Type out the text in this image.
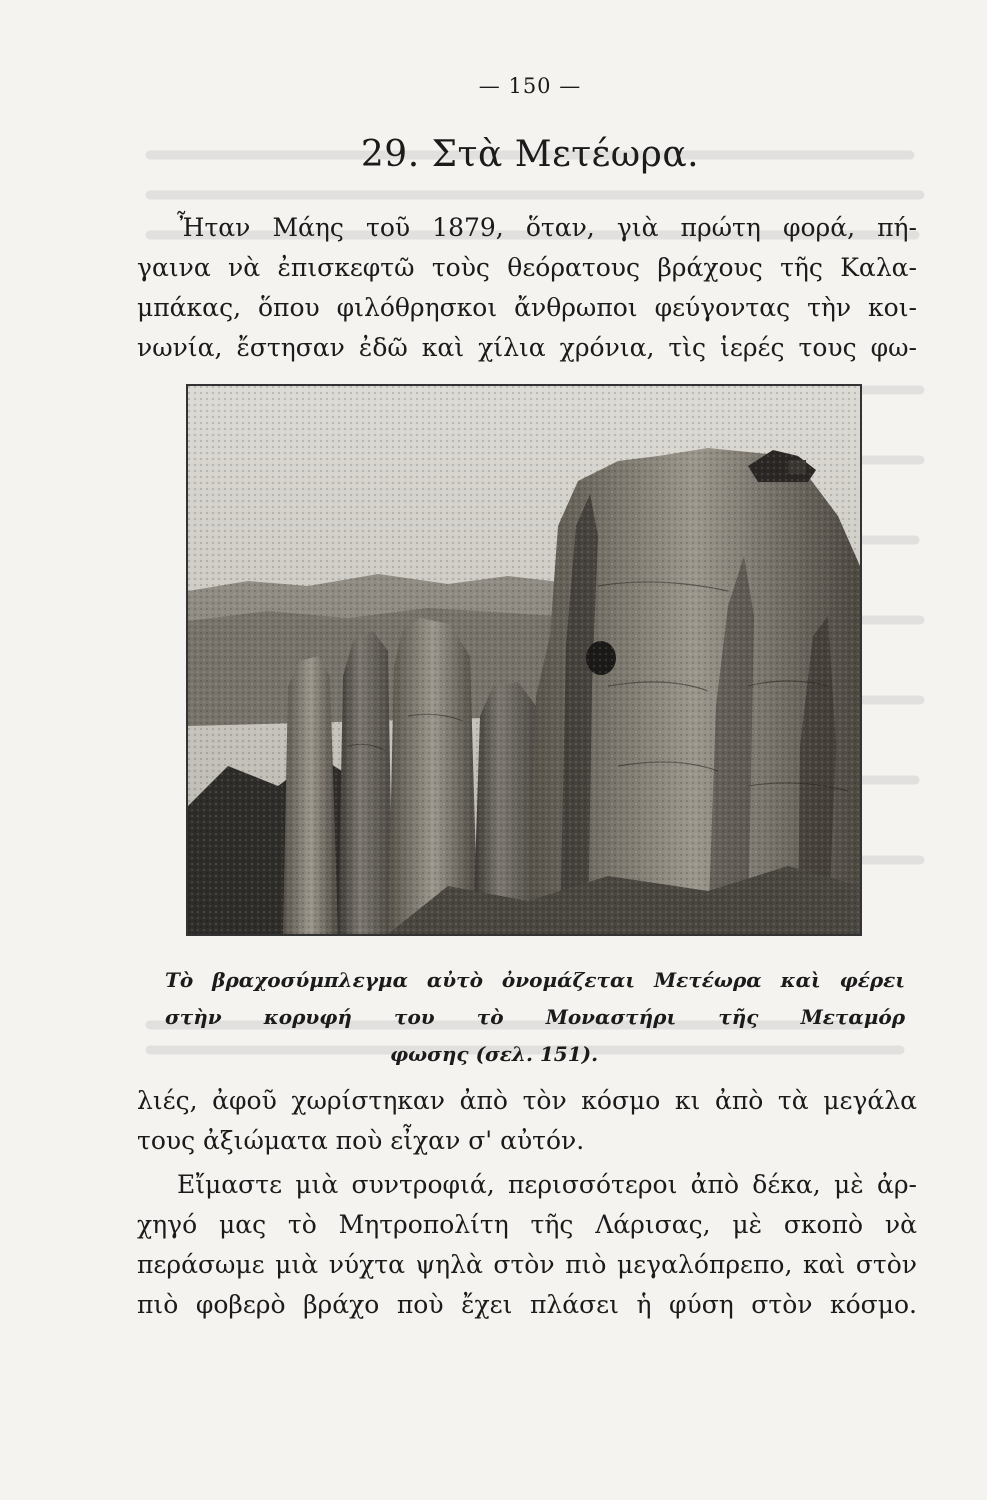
— 150 —
29. Στὰ Μετέωρα.
Ἦταν Μάης τοῦ 1879, ὅταν, γιὰ πρώτη φορά, πή-
γαινα νὰ ἐπισκεφτῶ τοὺς θεόρατους βράχους τῆς Καλα-
μπάκας, ὅπου φιλόθρησκοι ἄνθρωποι φεύγοντας τὴν κοι-
νωνία, ἔστησαν ἐδῶ καὶ χίλια χρόνια, τὶς ἱερές τους φω-
Τὸ βραχοσύμπλεγμα αὐτὸ ὀνομάζεται Μετέωρα καὶ φέρει
στὴν κορυφή του τὸ Μοναστήρι τῆς Μεταμόρ
φωσης (σελ. 151).
λιές, ἀφοῦ χωρίστηκαν ἀπὸ τὸν κόσμο κι ἀπὸ τὰ μεγάλα
τους ἀξιώματα ποὺ εἶχαν σ' αὐτόν.
Εἴμαστε μιὰ συντροφιά, περισσότεροι ἀπὸ δέκα, μὲ ἀρ-
χηγό μας τὸ Μητροπολίτη τῆς Λάρισας, μὲ σκοπὸ νὰ
περάσωμε μιὰ νύχτα ψηλὰ στὸν πιὸ μεγαλόπρεπο, καὶ στὸν
πιὸ φοβερὸ βράχο ποὺ ἔχει πλάσει ἡ φύση στὸν κόσμο.
